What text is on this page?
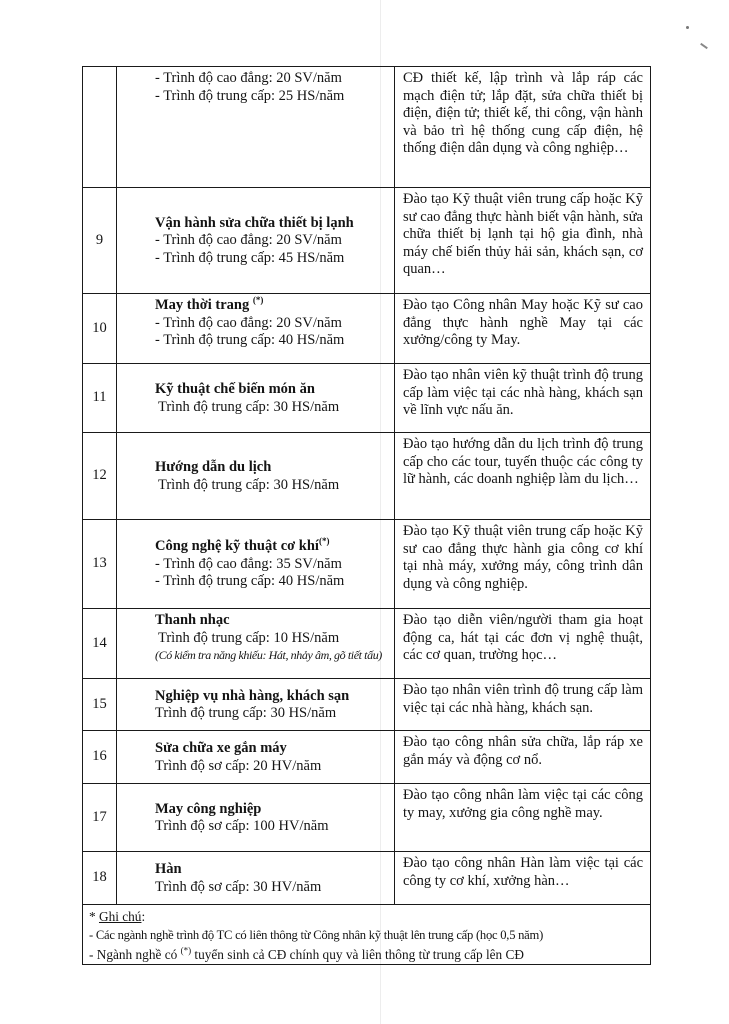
	- Trình độ cao đẳng: 20 SV/năm
- Trình độ trung cấp: 25 HS/năm	CĐ thiết kế, lập trình và lắp ráp các mạch điện tử; lắp đặt, sửa chữa thiết bị điện, điện tử; thiết kế, thi công, vận hành và bảo trì hệ thống cung cấp điện, hệ thống điện dân dụng và công nghiệp…
9	Vận hành sửa chữa thiết bị lạnh
- Trình độ cao đẳng: 20 SV/năm
- Trình độ trung cấp: 45 HS/năm	Đào tạo Kỹ thuật viên trung cấp hoặc Kỹ sư cao đẳng thực hành biết vận hành, sửa chữa thiết bị lạnh tại hộ gia đình, nhà máy chế biến thủy hải sản, khách sạn, cơ quan…
10	May thời trang (*)
- Trình độ cao đẳng: 20 SV/năm
- Trình độ trung cấp: 40 HS/năm	Đào tạo Công nhân May hoặc Kỹ sư cao đẳng thực hành nghề May tại các xưởng/công ty May.
11	Kỹ thuật chế biến món ăn
Trình độ trung cấp: 30 HS/năm	Đào tạo nhân viên kỹ thuật trình độ trung cấp làm việc tại các nhà hàng, khách sạn về lĩnh vực nấu ăn.
12	Hướng dẫn du lịch
Trình độ trung cấp: 30 HS/năm	Đào tạo hướng dẫn du lịch trình độ trung cấp cho các tour, tuyến thuộc các công ty lữ hành, các doanh nghiệp làm du lịch…
13	Công nghệ kỹ thuật cơ khí(*)
- Trình độ cao đẳng: 35 SV/năm
- Trình độ trung cấp: 40 HS/năm	Đào tạo Kỹ thuật viên trung cấp hoặc Kỹ sư cao đẳng thực hành gia công cơ khí tại nhà máy, xưởng máy, công trình dân dụng và công nghiệp.
14	Thanh nhạc
Trình độ trung cấp: 10 HS/năm
(Có kiểm tra năng khiếu: Hát, nhảy âm, gõ tiết tấu)	Đào tạo diễn viên/người tham gia hoạt động ca, hát tại các đơn vị nghệ thuật, các cơ quan, trường học…
15	Nghiệp vụ nhà hàng, khách sạn
Trình độ trung cấp: 30 HS/năm	Đào tạo nhân viên trình độ trung cấp làm việc tại các nhà hàng, khách sạn.
16	Sửa chữa xe gắn máy
Trình độ sơ cấp: 20 HV/năm	Đào tạo công nhân sửa chữa, lắp ráp xe gắn máy và động cơ nổ.
17	May công nghiệp
Trình độ sơ cấp: 100 HV/năm	Đào tạo công nhân làm việc tại các công ty may, xưởng gia công nghề may.
18	Hàn
Trình độ sơ cấp: 30 HV/năm	Đào tạo công nhân Hàn làm việc tại các công ty cơ khí, xưởng hàn…

* Ghi chú:
- Các ngành nghề trình độ TC có liên thông từ Công nhân kỹ thuật lên trung cấp (học 0,5 năm)
- Ngành nghề có (*) tuyển sinh cả CĐ chính quy và liên thông từ trung cấp lên CĐ		
